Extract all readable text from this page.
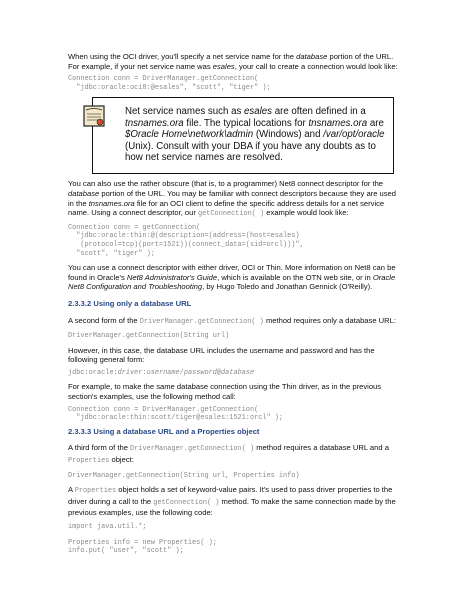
When using the OCI driver, you'll specify a net service name for the database portion of the URL. For example, if your net service name was esales, your call to create a connection would look like:

Connection conn = DriverManager.getConnection(
"jdbc:oracle:oci8:@esales", "scott", "tiger" );
Net service names such as esales are often defined in a tnsnames.ora file. The typical locations for tnsnames.ora are $Oracle Home\network\admin (Windows) and /var/opt/oracle (Unix). Consult with your DBA if you have any doubts as to how net service names are resolved.

You can also use the rather obscure (that is, to a programmer) Net8 connect descriptor for the database portion of the URL. You may be familiar with connect descriptors because they are used in the tnsnames.ora file for an OCI client to define the specific address details for a net service name. Using a connect descriptor, our getConnection( ) example would look like:

Connection conn = getConnection(
"jdbc:oracle:thin:@(description=(address=(host=esales)
(protocol=tcp)(port=1521))(connect_data=(sid=orcl)))",
"scott", "tiger" );

You can use a connect descriptor with either driver, OCI or Thin. More information on Net8 can be found in Oracle's Net8 Administrator's Guide, which is available on the OTN web site, or in Oracle Net8 Configuration and Troubleshooting, by Hugo Toledo and Jonathan Gennick (O'Reilly).

2.3.3.2 Using only a database URL

A second form of the DriverManager.getConnection( ) method requires only a database URL:

DriverManager.getConnection(String url)

However, in this case, the database URL includes the username and password and has the following general form:

jdbc:oracle:driver:username/password@database

For example, to make the same database connection using the Thin driver, as in the previous section's examples, use the following method call:

Connection conn = DriverManager.getConnection(
"jdbc:oracle:thin:scott/tiger@esales:1521:orcl" );
2.3.3.3 Using a database URL and a Properties object

A third form of the DriverManager.getConnection( ) method requires a database URL and a Properties object:

DriverManager.getConnection(String url, Properties info)

A Properties object holds a set of keyword-value pairs. It's used to pass driver properties to the driver during a call to the getConnection( ) method. To make the same connection made by the previous examples, use the following code:

import java.util.*;
Properties info = new Properties( );
info.put( "user", "scott" );
